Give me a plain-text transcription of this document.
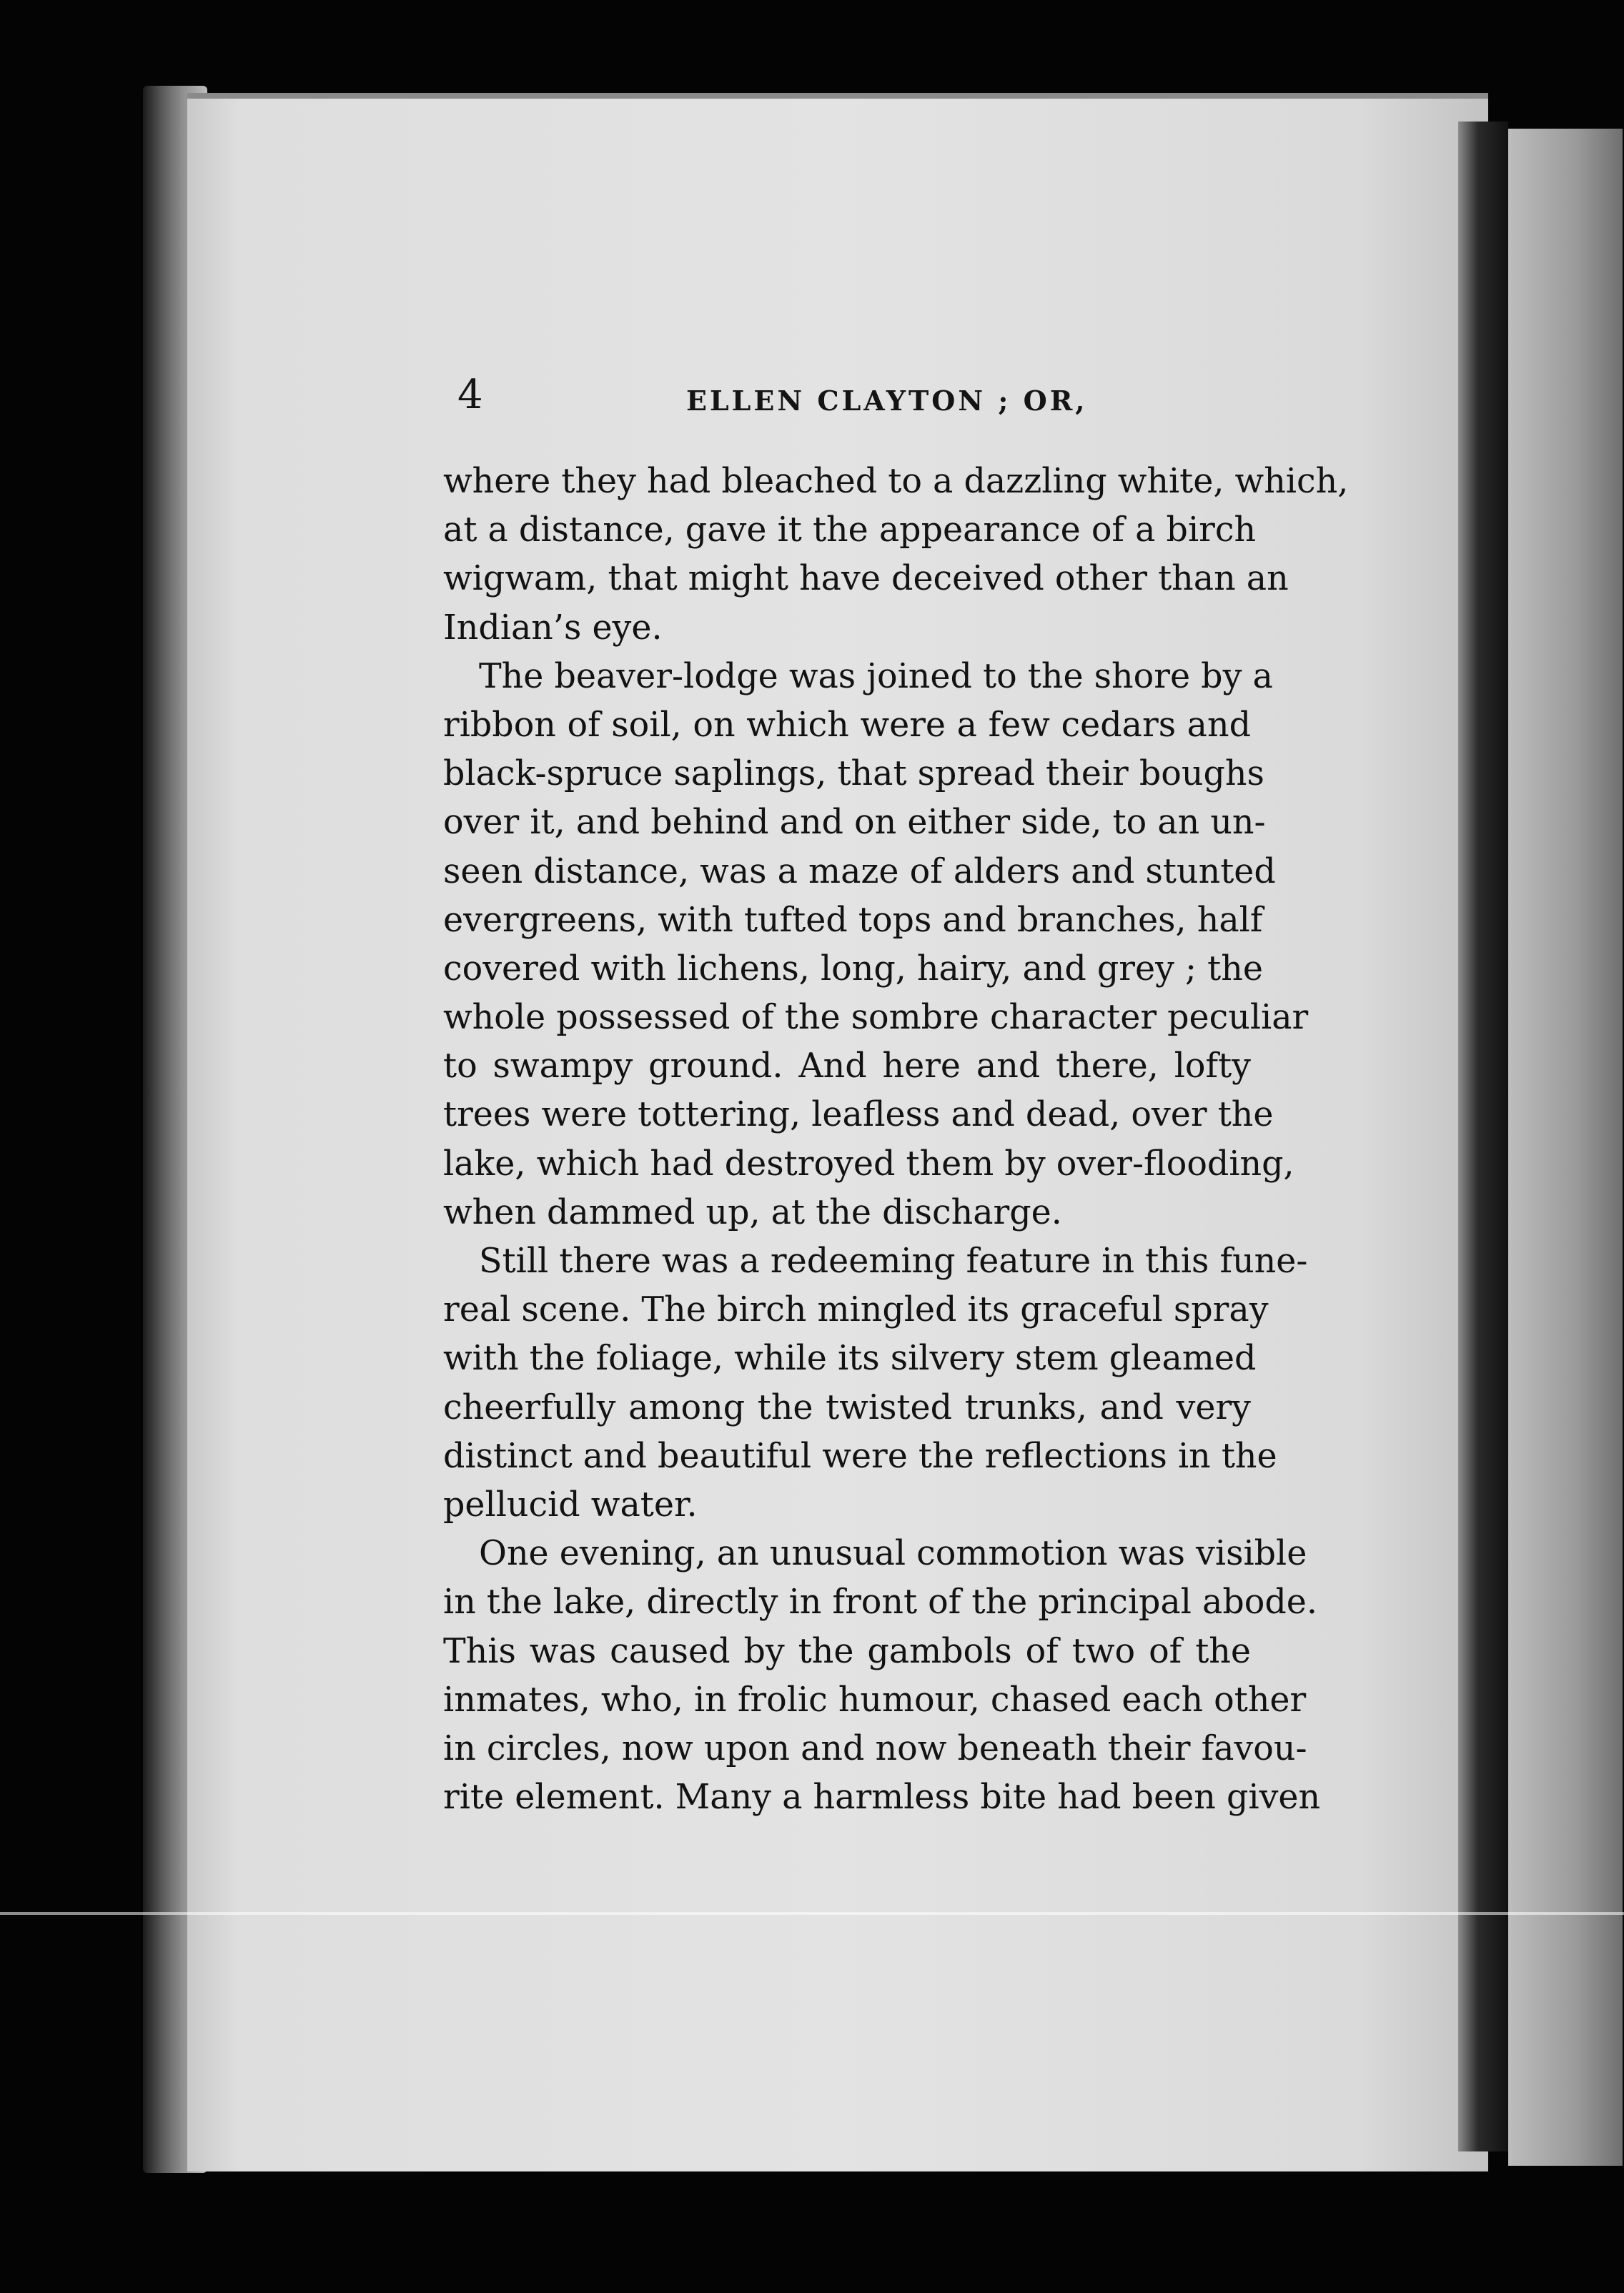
4	ELLEN CLAYTON ; OR,
where they had bleached to a dazzling white, which,
at a distance, gave it the appearance of a birch
wigwam, that might have deceived other than an
Indian’s eye.
The beaver-lodge was joined to the shore by a
ribbon of soil, on which were a few cedars and
black-spruce saplings, that spread their boughs
over it, and behind and on either side, to an un-
seen distance, was a maze of alders and stunted
evergreens, with tufted tops and branches, half
covered with lichens, long, hairy, and grey ; the
whole possessed of the sombre character peculiar
to swampy ground. And here and there, lofty
trees were tottering, leafless and dead, over the
lake, which had destroyed them by over-flooding,
when dammed up, at the discharge.
Still there was a redeeming feature in this fune-
real scene. The birch mingled its graceful spray
with the foliage, while its silvery stem gleamed
cheerfully among the twisted trunks, and very
distinct and beautiful were the reflections in the
pellucid water.
One evening, an unusual commotion was visible
in the lake, directly in front of the principal abode.
This was caused by the gambols of two of the
inmates, who, in frolic humour, chased each other
in circles, now upon and now beneath their favou-
rite element. Many a harmless bite had been given
